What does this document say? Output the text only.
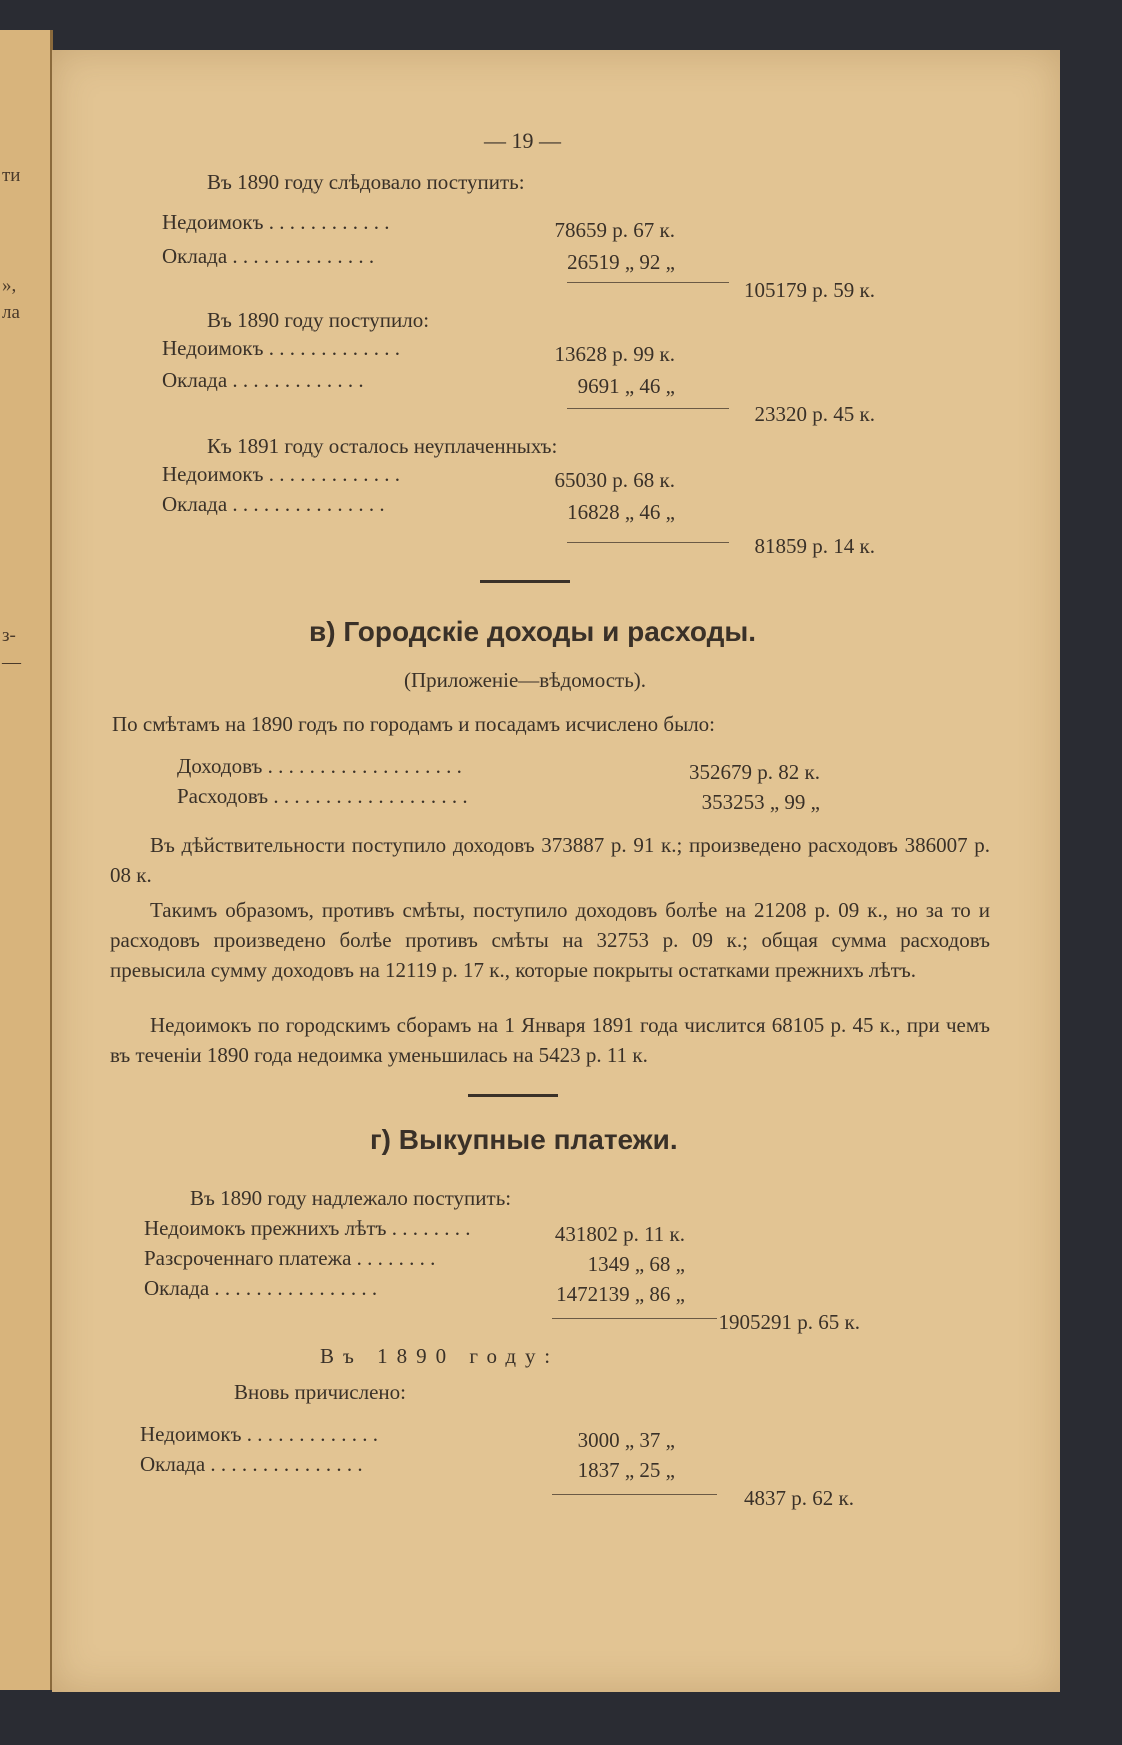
ти
»,
ла
з-
—
— 19 —
Въ 1890 году слѣдовало поступить:
Недоимокъ . . . . . . . . . . . .	78659 р. 67 к.
Оклада . . . . . . . . . . . . . .	26519 „ 92 „
105179 р. 59 к.
Въ 1890 году поступило:
Недоимокъ . . . . . . . . . . . . .	13628 р. 99 к.
Оклада . . . . . . . . . . . . .	9691 „ 46 „
23320 р. 45 к.
Къ 1891 году осталось неуплаченныхъ:
Недоимокъ . . . . . . . . . . . . .	65030 р. 68 к.
Оклада . . . . . . . . . . . . . . .	16828 „ 46 „
81859 р. 14 к.
в) Городскіе доходы и расходы.
(Приложеніе—вѣдомость).
По смѣтамъ на 1890 годъ по городамъ и посадамъ исчислено было:
Доходовъ . . . . . . . . . . . . . . . . . . .	352679 р. 82 к.
Расходовъ . . . . . . . . . . . . . . . . . . .	353253 „ 99 „
Въ дѣйствительности поступило доходовъ 373887 р. 91 к.; произведено расходовъ 386007 р. 08 к.
Такимъ образомъ, противъ смѣты, поступило доходовъ болѣе на 21208 р. 09 к., но за то и расходовъ произведено болѣе противъ смѣты на 32753 р. 09 к.; общая сумма расходовъ превысила сумму доходовъ на 12119 р. 17 к., которые покрыты остатками прежнихъ лѣтъ.
Недоимокъ по городскимъ сборамъ на 1 Января 1891 года числится 68105 р. 45 к., при чемъ въ теченіи 1890 года недоимка уменьшилась на 5423 р. 11 к.
г) Выкупные платежи.
Въ 1890 году надлежало поступить:
Недоимокъ прежнихъ лѣтъ . . . . . . . .	431802 р. 11 к.
Разсроченнаго платежа . . . . . . . .	1349 „ 68 „
Оклада . . . . . . . . . . . . . . . .	1472139 „ 86 „
1905291 р. 65 к.
Въ 1890 году:
Вновь причислено:
Недоимокъ . . . . . . . . . . . . .	3000 „ 37 „
Оклада . . . . . . . . . . . . . . .	1837 „ 25 „
4837 р. 62 к.
